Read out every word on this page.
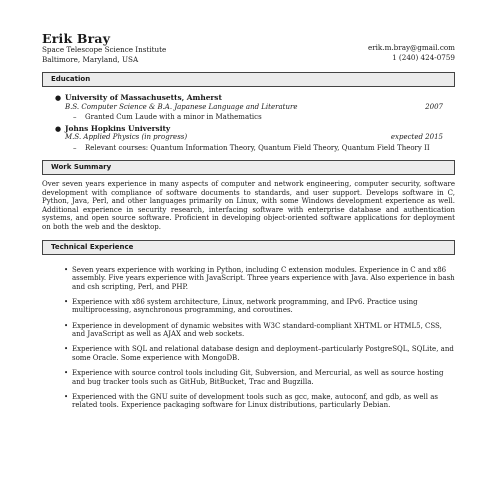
Erik Bray
Space Telescope Science Institute
Baltimore, Maryland, USA
erik.m.bray@gmail.com
1 (240) 424-0759
Education
● University of Massachusetts, Amherst
B.S. Computer Science & B.A. Japanese Language and Literature	2007
–	Granted Cum Laude with a minor in Mathematics
● Johns Hopkins University
M.S. Applied Physics (in progress)	expected 2015
–	Relevant courses: Quantum Information Theory, Quantum Field Theory, Quantum Field Theory II
Work Summary
Over seven years experience in many aspects of computer and network engineering, computer security, software development with compliance of software documents to standards, and user support. Develops software in C, Python, Java, Perl, and other languages primarily on Linux, with some Windows development experience as well. Additional experience in security research, interfacing software with enterprise database and authentication systems, and open source software. Proficient in developing object-oriented software applications for deployment on both the web and the desktop.
Technical Experience
• Seven years experience with working in Python, including C extension modules. Experience in C and x86 assembly. Five years experience with JavaScript. Three years experience with Java. Also experience in bash and csh scripting, Perl, and PHP.
• Experience with x86 system architecture, Linux, network programming, and IPv6. Practice using multiprocessing, asynchronous programming, and coroutines.
• Experience in development of dynamic websites with W3C standard-compliant XHTML or HTML5, CSS, and JavaScript as well as AJAX and web sockets.
• Experience with SQL and relational database design and deployment–particularly PostgreSQL, SQLite, and some Oracle. Some experience with MongoDB.
• Experience with source control tools including Git, Subversion, and Mercurial, as well as source hosting and bug tracker tools such as GitHub, BitBucket, Trac and Bugzilla.
• Experienced with the GNU suite of development tools such as gcc, make, autoconf, and gdb, as well as related tools. Experience packaging software for Linux distributions, particularly Debian.
